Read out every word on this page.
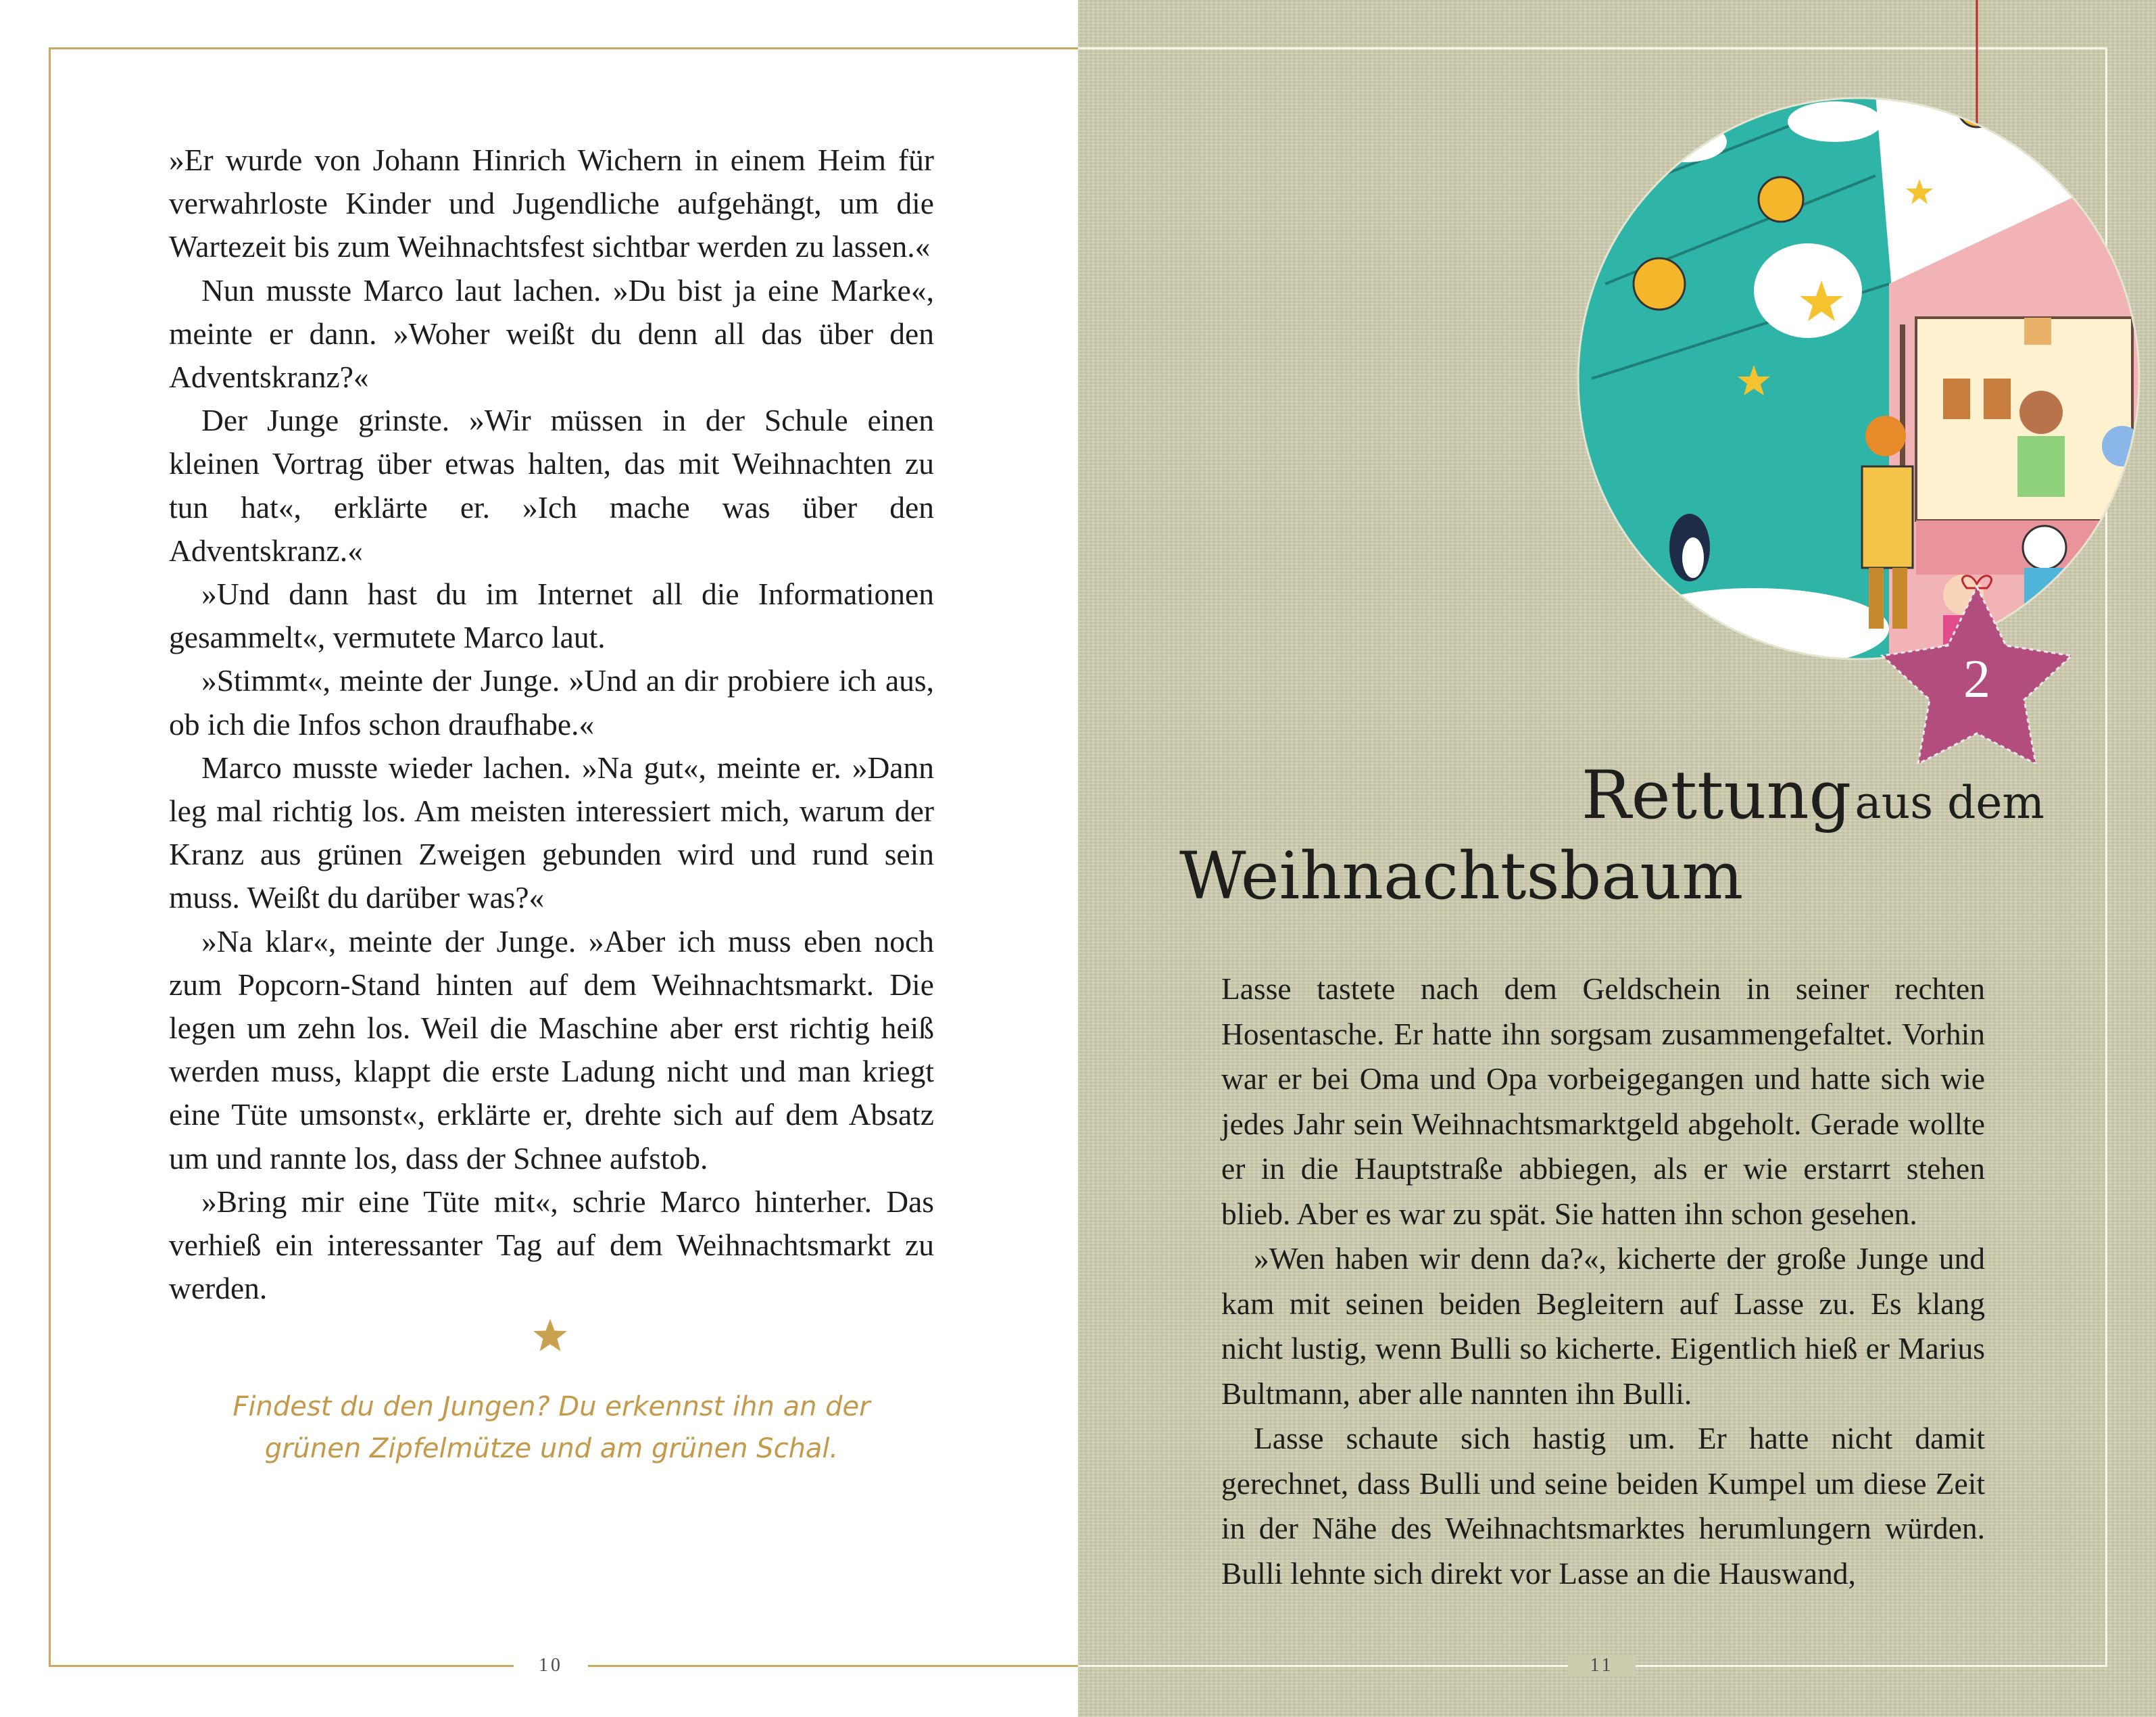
»Er wurde von Johann Hinrich Wichern in einem Heim für verwahrloste Kinder und Jugendliche aufgehängt, um die Wartezeit bis zum Weihnachtsfest sichtbar werden zu lassen.«

Nun musste Marco laut lachen. »Du bist ja eine Marke«, meinte er dann. »Woher weißt du denn all das über den Adventskranz?«

Der Junge grinste. »Wir müssen in der Schule einen kleinen Vortrag über etwas halten, das mit Weihnachten zu tun hat«, erklärte er. »Ich mache was über den Adventskranz.«

»Und dann hast du im Internet all die Informationen gesammelt«, vermutete Marco laut.

»Stimmt«, meinte der Junge. »Und an dir probiere ich aus, ob ich die Infos schon draufhabe.«

Marco musste wieder lachen. »Na gut«, meinte er. »Dann leg mal richtig los. Am meisten interessiert mich, warum der Kranz aus grünen Zweigen gebunden wird und rund sein muss. Weißt du darüber was?«

»Na klar«, meinte der Junge. »Aber ich muss eben noch zum Popcorn-Stand hinten auf dem Weihnachtsmarkt. Die legen um zehn los. Weil die Maschine aber erst richtig heiß werden muss, klappt die erste Ladung nicht und man kriegt eine Tüte umsonst«, erklärte er, drehte sich auf dem Absatz um und rannte los, dass der Schnee aufstob.

»Bring mir eine Tüte mit«, schrie Marco hinterher. Das verhieß ein interessanter Tag auf dem Weihnachtsmarkt zu werden.

Findest du den Jungen? Du erkennst ihn an der
grünen Zipfelmütze und am grünen Schal.
10
2
Rettung aus dem
Weihnachtsbaum

Lasse tastete nach dem Geldschein in seiner rechten Hosentasche. Er hatte ihn sorgsam zusammengefaltet. Vorhin war er bei Oma und Opa vorbeigegangen und hatte sich wie jedes Jahr sein Weihnachtsmarktgeld abgeholt. Gerade wollte er in die Hauptstraße abbiegen, als er wie erstarrt stehen blieb. Aber es war zu spät. Sie hatten ihn schon gesehen.

»Wen haben wir denn da?«, kicherte der große Junge und kam mit seinen beiden Begleitern auf Lasse zu. Es klang nicht lustig, wenn Bulli so kicherte. Eigentlich hieß er Marius Bultmann, aber alle nannten ihn Bulli.

Lasse schaute sich hastig um. Er hatte nicht damit gerechnet, dass Bulli und seine beiden Kumpel um diese Zeit in der Nähe des Weihnachtsmarktes herumlungern würden. Bulli lehnte sich direkt vor Lasse an die Hauswand,

11
